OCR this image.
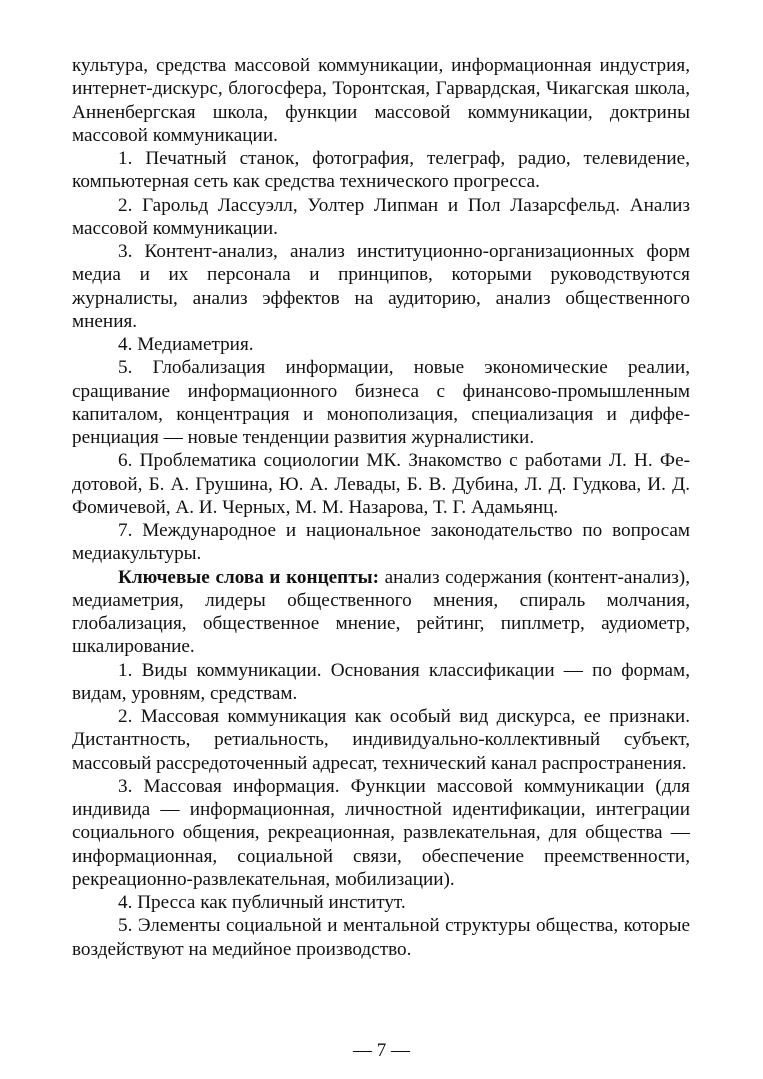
культура, средства массовой коммуникации, информационная индустрия, интернет-дискурс, блогосфера, Торонтская, Гарвардская, Чикагская школа, Анненбергская школа, функции массовой коммуникации, доктрины массовой коммуникации.

1. Печатный станок, фотография, телеграф, радио, телевидение, компьютерная сеть как средства технического прогресса.

2. Гарольд Лассуэлл, Уолтер Липман и Пол Лазарсфельд. Анализ массовой коммуникации.

3. Контент-анализ, анализ институционно-организационных форм медиа и их персонала и принципов, которыми руководствуются журналисты, анализ эффектов на аудиторию, анализ общественного мнения.

4. Медиаметрия.

5. Глобализация информации, новые экономические реалии, сращивание информационного бизнеса с финансово-промышленным капиталом, концентрация и монополизация, специализация и дифференциация — новые тенденции развития журналистики.

6. Проблематика социологии МК. Знакомство с работами Л. Н. Федотовой, Б. А. Грушина, Ю. А. Левады, Б. В. Дубина, Л. Д. Гудкова, И. Д. Фомичевой, А. И. Черных, М. М. Назарова, Т. Г. Адамьянц.

7. Международное и национальное законодательство по вопросам медиакультуры.

Ключевые слова и концепты: анализ содержания (контент-анализ), медиаметрия, лидеры общественного мнения, спираль молчания, глобализация, общественное мнение, рейтинг, пиплметр, аудиометр, шкалирование.

1. Виды коммуникации. Основания классификации — по формам, видам, уровням, средствам.

2. Массовая коммуникация как особый вид дискурса, ее признаки. Дистантность, ретиальность, индивидуально-коллективный субъект, массовый рассредоточенный адресат, технический канал распространения.

3. Массовая информация. Функции массовой коммуникации (для индивида — информационная, личностной идентификации, интеграции социального общения, рекреационная, развлекательная, для общества — информационная, социальной связи, обеспечение преемственности, рекреационно-развлекательная, мобилизации).

4. Пресса как публичный институт.

5. Элементы социальной и ментальной структуры общества, которые воздействуют на медийное производство.

— 7 —
